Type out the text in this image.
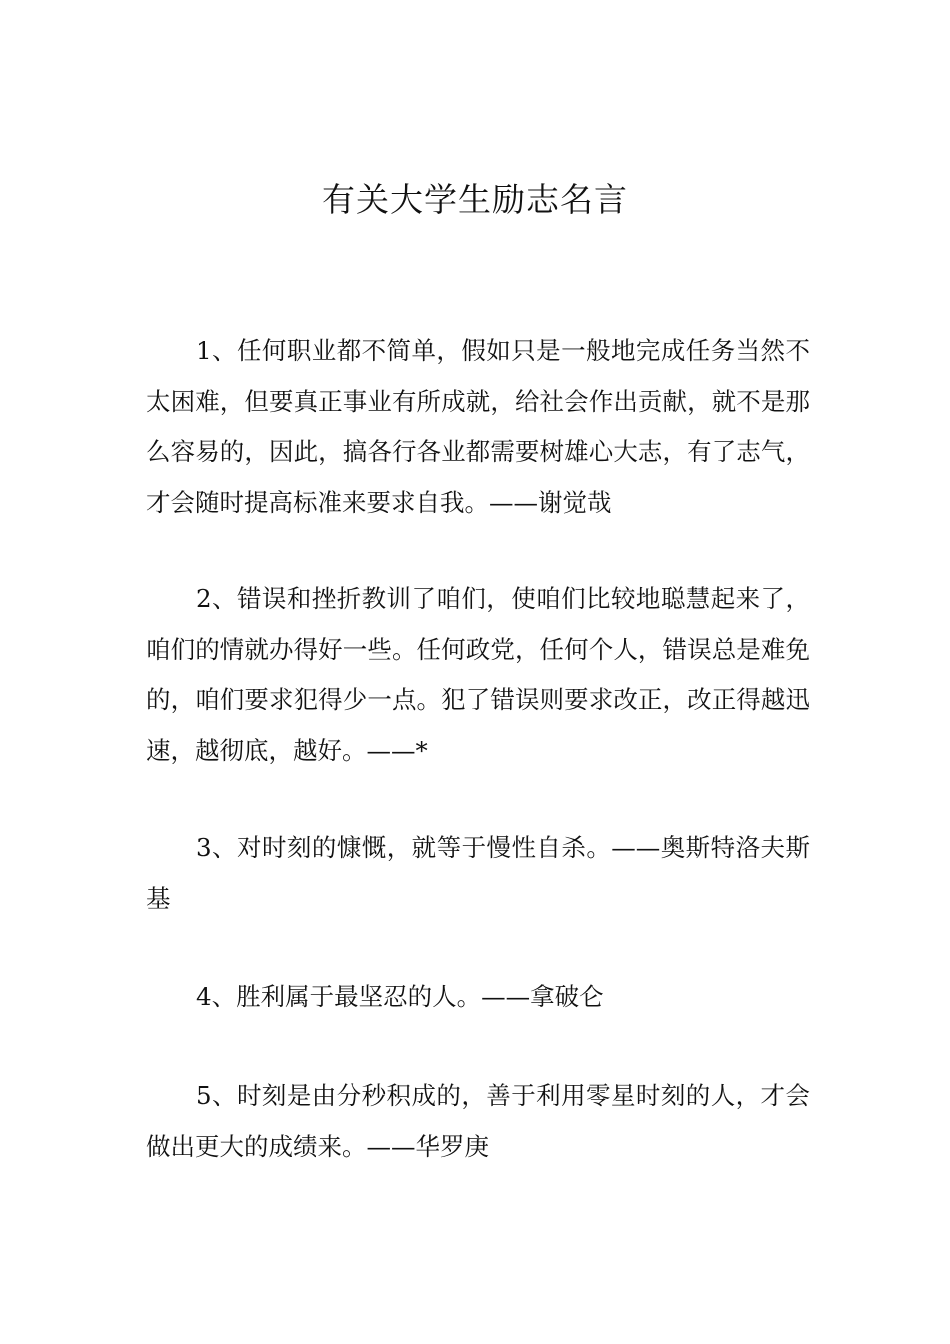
有关大学生励志名言

1、任何职业都不简单，假如只是一般地完成任务当然不太困难，但要真正事业有所成就，给社会作出贡献，就不是那么容易的，因此，搞各行各业都需要树雄心大志，有了志气，才会随时提高标准来要求自我。——谢觉哉

2、错误和挫折教训了咱们，使咱们比较地聪慧起来了，咱们的情就办得好一些。任何政党，任何个人，错误总是难免的，咱们要求犯得少一点。犯了错误则要求改正，改正得越迅速，越彻底，越好。——*

3、对时刻的慷慨，就等于慢性自杀。——奥斯特洛夫斯基

4、胜利属于最坚忍的人。——拿破仑

5、时刻是由分秒积成的，善于利用零星时刻的人，才会做出更大的成绩来。——华罗庚
